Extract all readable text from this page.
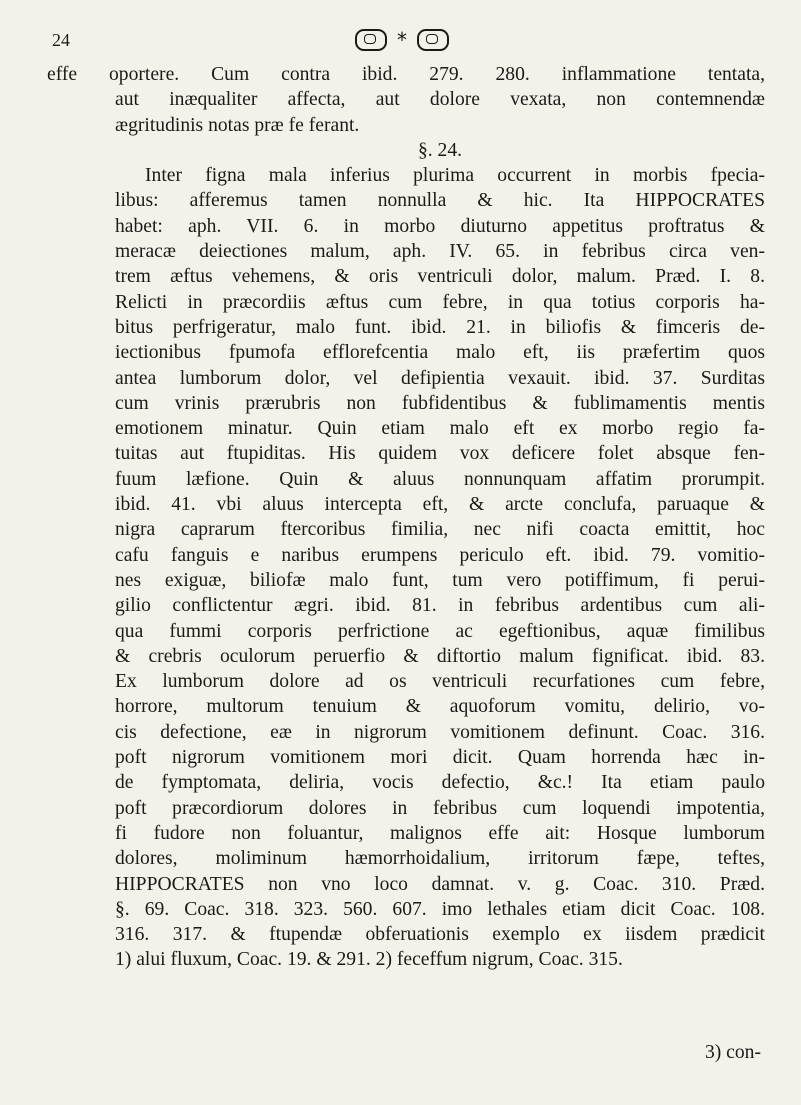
24	*
effe oportere. Cum contra ibid. 279. 280. inflammatione tentata,
aut inæqualiter affecta, aut dolore vexata, non contemnendæ
ægritudinis notas præ fe ferant.
§. 24.
Inter figna mala inferius plurima occurrent in morbis fpecia-
libus: afferemus tamen nonnulla & hic. Ita HIPPOCRATES
habet: aph. VII. 6. in morbo diuturno appetitus proftratus &
meracæ deiectiones malum, aph. IV. 65. in febribus circa ven-
trem æftus vehemens, & oris ventriculi dolor, malum. Præd. I. 8.
Relicti in præcordiis æftus cum febre, in qua totius corporis ha-
bitus perfrigeratur, malo funt. ibid. 21. in biliofis & fimceris de-
iectionibus fpumofa efflorefcentia malo eft, iis præfertim quos
antea lumborum dolor, vel defipientia vexauit. ibid. 37. Surditas
cum vrinis prærubris non fubfidentibus & fublimamentis mentis
emotionem minatur. Quin etiam malo eft ex morbo regio fa-
tuitas aut ftupiditas. His quidem vox deficere folet absque fen-
fuum læfione. Quin & aluus nonnunquam affatim prorumpit.
ibid. 41. vbi aluus intercepta eft, & arcte conclufa, paruaque &
nigra caprarum ftercoribus fimilia, nec nifi coacta emittit, hoc
cafu fanguis e naribus erumpens periculo eft. ibid. 79. vomitio-
nes exiguæ, biliofæ malo funt, tum vero potiffimum, fi perui-
gilio conflictentur ægri. ibid. 81. in febribus ardentibus cum ali-
qua fummi corporis perfrictione ac egeftionibus, aquæ fimilibus
& crebris oculorum peruerfio & diftortio malum fignificat. ibid. 83.
Ex lumborum dolore ad os ventriculi recurfationes cum febre,
horrore, multorum tenuium & aquoforum vomitu, delirio, vo-
cis defectione, eæ in nigrorum vomitionem definunt. Coac. 316.
poft nigrorum vomitionem mori dicit. Quam horrenda hæc in-
de fymptomata, deliria, vocis defectio, &c.! Ita etiam paulo
poft præcordiorum dolores in febribus cum loquendi impotentia,
fi fudore non foluantur, malignos effe ait: Hosque lumborum
dolores, moliminum hæmorrhoidalium, irritorum fæpe, teftes,
HIPPOCRATES non vno loco damnat. v. g. Coac. 310. Præd.
§. 69. Coac. 318. 323. 560. 607. imo lethales etiam dicit Coac. 108.
316. 317. & ftupendæ obferuationis exemplo ex iisdem prædicit
1) alui fluxum, Coac. 19. & 291. 2) feceffum nigrum, Coac. 315.
3) con-
